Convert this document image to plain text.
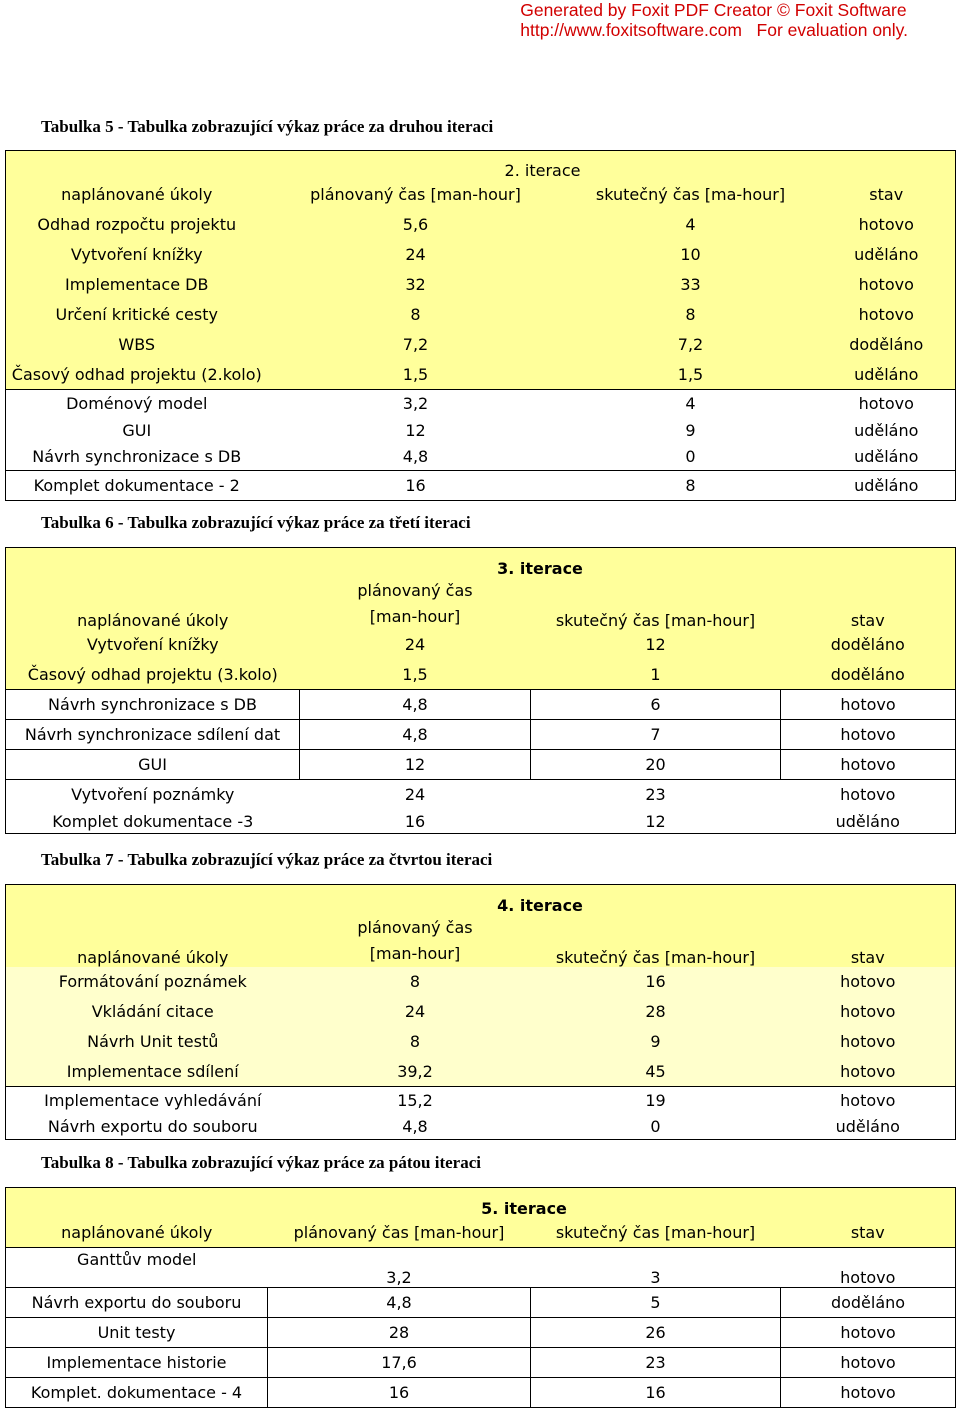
Generated by Foxit PDF Creator © Foxit Software
http://www.foxitsoftware.com   For evaluation only.
Tabulka 5 - Tabulka zobrazující výkaz práce za druhou iteraci
	2. iterace		
naplánované úkoly	plánovaný čas [man-hour]	skutečný čas [ma-hour]	stav
Odhad rozpočtu projektu	5,6	4	hotovo
Vytvoření knížky	24	10	uděláno
Implementace DB	32	33	hotovo
Určení kritické cesty	8	8	hotovo
WBS	7,2	7,2	doděláno
Časový odhad projektu (2.kolo)	1,5	1,5	uděláno
Doménový model	3,2	4	hotovo
GUI	12	9	uděláno
Návrh synchronizace s DB	4,8	0	uděláno
Komplet dokumentace - 2	16	8	uděláno
Tabulka 6 - Tabulka zobrazující výkaz práce za třetí iteraci
	3. iterace		
naplánované úkoly	plánovaný čas [man-hour]	skutečný čas [man-hour]	stav
Vytvoření knížky	24	12	doděláno
Časový odhad projektu (3.kolo)	1,5	1	doděláno
Návrh synchronizace s DB	4,8	6	hotovo
Návrh synchronizace sdílení dat	4,8	7	hotovo
GUI	12	20	hotovo
Vytvoření poznámky	24	23	hotovo
Komplet dokumentace -3	16	12	uděláno
Tabulka 7 - Tabulka zobrazující výkaz práce za čtvrtou iteraci
	4. iterace		
naplánované úkoly	plánovaný čas [man-hour]	skutečný čas [man-hour]	stav
Formátování poznámek	8	16	hotovo
Vkládání citace	24	28	hotovo
Návrh Unit testů	8	9	hotovo
Implementace sdílení	39,2	45	hotovo
Implementace vyhledávání	15,2	19	hotovo
Návrh exportu do souboru	4,8	0	uděláno
Tabulka 8 - Tabulka zobrazující výkaz práce za pátou iteraci
	5. iterace		
naplánované úkoly	plánovaný čas [man-hour]	skutečný čas [man-hour]	stav
Ganttův model	3,2	3	hotovo
Návrh exportu do souboru	4,8	5	doděláno
Unit testy	28	26	hotovo
Implementace historie	17,6	23	hotovo
Komplet. dokumentace - 4	16	16	hotovo
